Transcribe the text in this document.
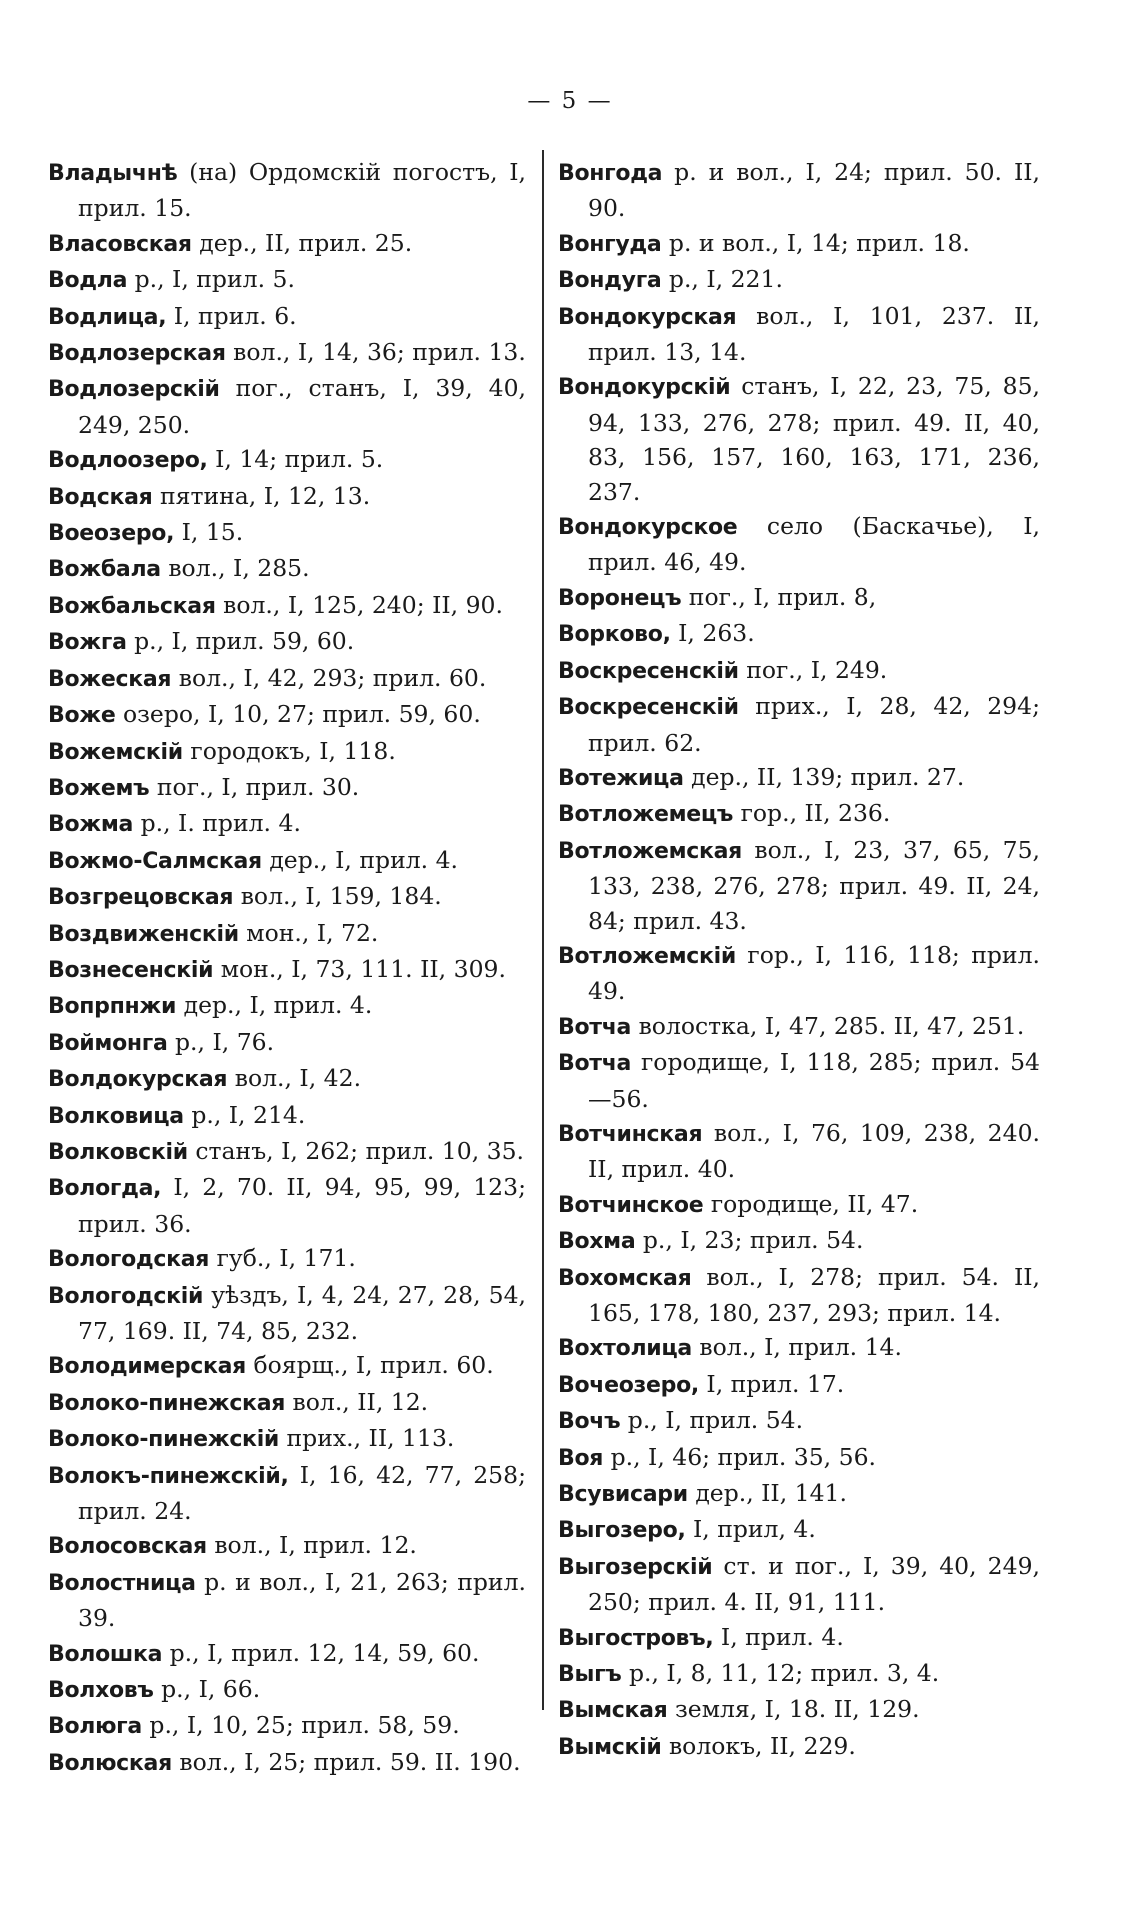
— 5 —

Владычнѣ (на) Ордомскій погостъ, I, прил. 15.

Власовская дер., II, прил. 25.

Водла р., I, прил. 5.

Водлица, I, прил. 6.

Водлозерская вол., I, 14, 36; прил. 13.

Водлозерскій пог., станъ, I, 39, 40, 249, 250.

Водлоозеро, I, 14; прил. 5.

Водская пятина, I, 12, 13.

Воеозеро, I, 15.

Вожбала вол., I, 285.

Вожбальская вол., I, 125, 240; II, 90.

Вожга р., I, прил. 59, 60.

Вожеская вол., I, 42, 293; прил. 60.

Воже озеро, I, 10, 27; прил. 59, 60.

Вожемскій городокъ, I, 118.

Вожемъ пог., I, прил. 30.

Вожма р., I. прил. 4.

Вожмо-Салмская дер., I, прил. 4.

Возгрецовская вол., I, 159, 184.

Воздвиженскій мон., I, 72.

Вознесенскій мон., I, 73, 111. II, 309.

Вопрпнжи дер., I, прил. 4.

Воймонга р., I, 76.

Волдокурская вол., I, 42.

Волковица р., I, 214.

Волковскій станъ, I, 262; прил. 10, 35.

Вологда, I, 2, 70. II, 94, 95, 99, 123; прил. 36.

Вологодская губ., I, 171.

Вологодскій уѣздъ, I, 4, 24, 27, 28, 54, 77, 169. II, 74, 85, 232.

Володимерская боярщ., I, прил. 60.

Волоко-пинежская вол., II, 12.

Волоко-пинежскій прих., II, 113.

Волокъ-пинежскій, I, 16, 42, 77, 258; прил. 24.

Волосовская вол., I, прил. 12.

Волостница р. и вол., I, 21, 263; прил. 39.

Волошка р., I, прил. 12, 14, 59, 60.

Волховъ р., I, 66.

Волюга р., I, 10, 25; прил. 58, 59.

Волюская вол., I, 25; прил. 59. II. 190.

Вонгода р. и вол., I, 24; прил. 50. II, 90.

Вонгуда р. и вол., I, 14; прил. 18.

Вондуга р., I, 221.

Вондокурская вол., I, 101, 237. II, прил. 13, 14.

Вондокурскій станъ, I, 22, 23, 75, 85, 94, 133, 276, 278; прил. 49. II, 40, 83, 156, 157, 160, 163, 171, 236, 237.

Вондокурское село (Баскачье), I, прил. 46, 49.

Воронецъ пог., I, прил. 8,

Ворково, I, 263.

Воскресенскій пог., I, 249.

Воскресенскій прих., I, 28, 42, 294; прил. 62.

Вотежица дер., II, 139; прил. 27.

Вотложемецъ гор., II, 236.

Вотложемская вол., I, 23, 37, 65, 75, 133, 238, 276, 278; прил. 49. II, 24, 84; прил. 43.

Вотложемскій гор., I, 116, 118; прил. 49.

Вотча волостка, I, 47, 285. II, 47, 251.

Вотча городище, I, 118, 285; прил. 54—56.

Вотчинская вол., I, 76, 109, 238, 240. II, прил. 40.

Вотчинское городище, II, 47.

Вохма р., I, 23; прил. 54.

Вохомская вол., I, 278; прил. 54. II, 165, 178, 180, 237, 293; прил. 14.

Вохтолица вол., I, прил. 14.

Вочеозеро, I, прил. 17.

Вочъ р., I, прил. 54.

Воя р., I, 46; прил. 35, 56.

Всувисари дер., II, 141.

Выгозеро, I, прил, 4.

Выгозерскій ст. и пог., I, 39, 40, 249, 250; прил. 4. II, 91, 111.

Выгостровъ, I, прил. 4.

Выгъ р., I, 8, 11, 12; прил. 3, 4.

Вымская земля, I, 18. II, 129.

Вымскій волокъ, II, 229.
